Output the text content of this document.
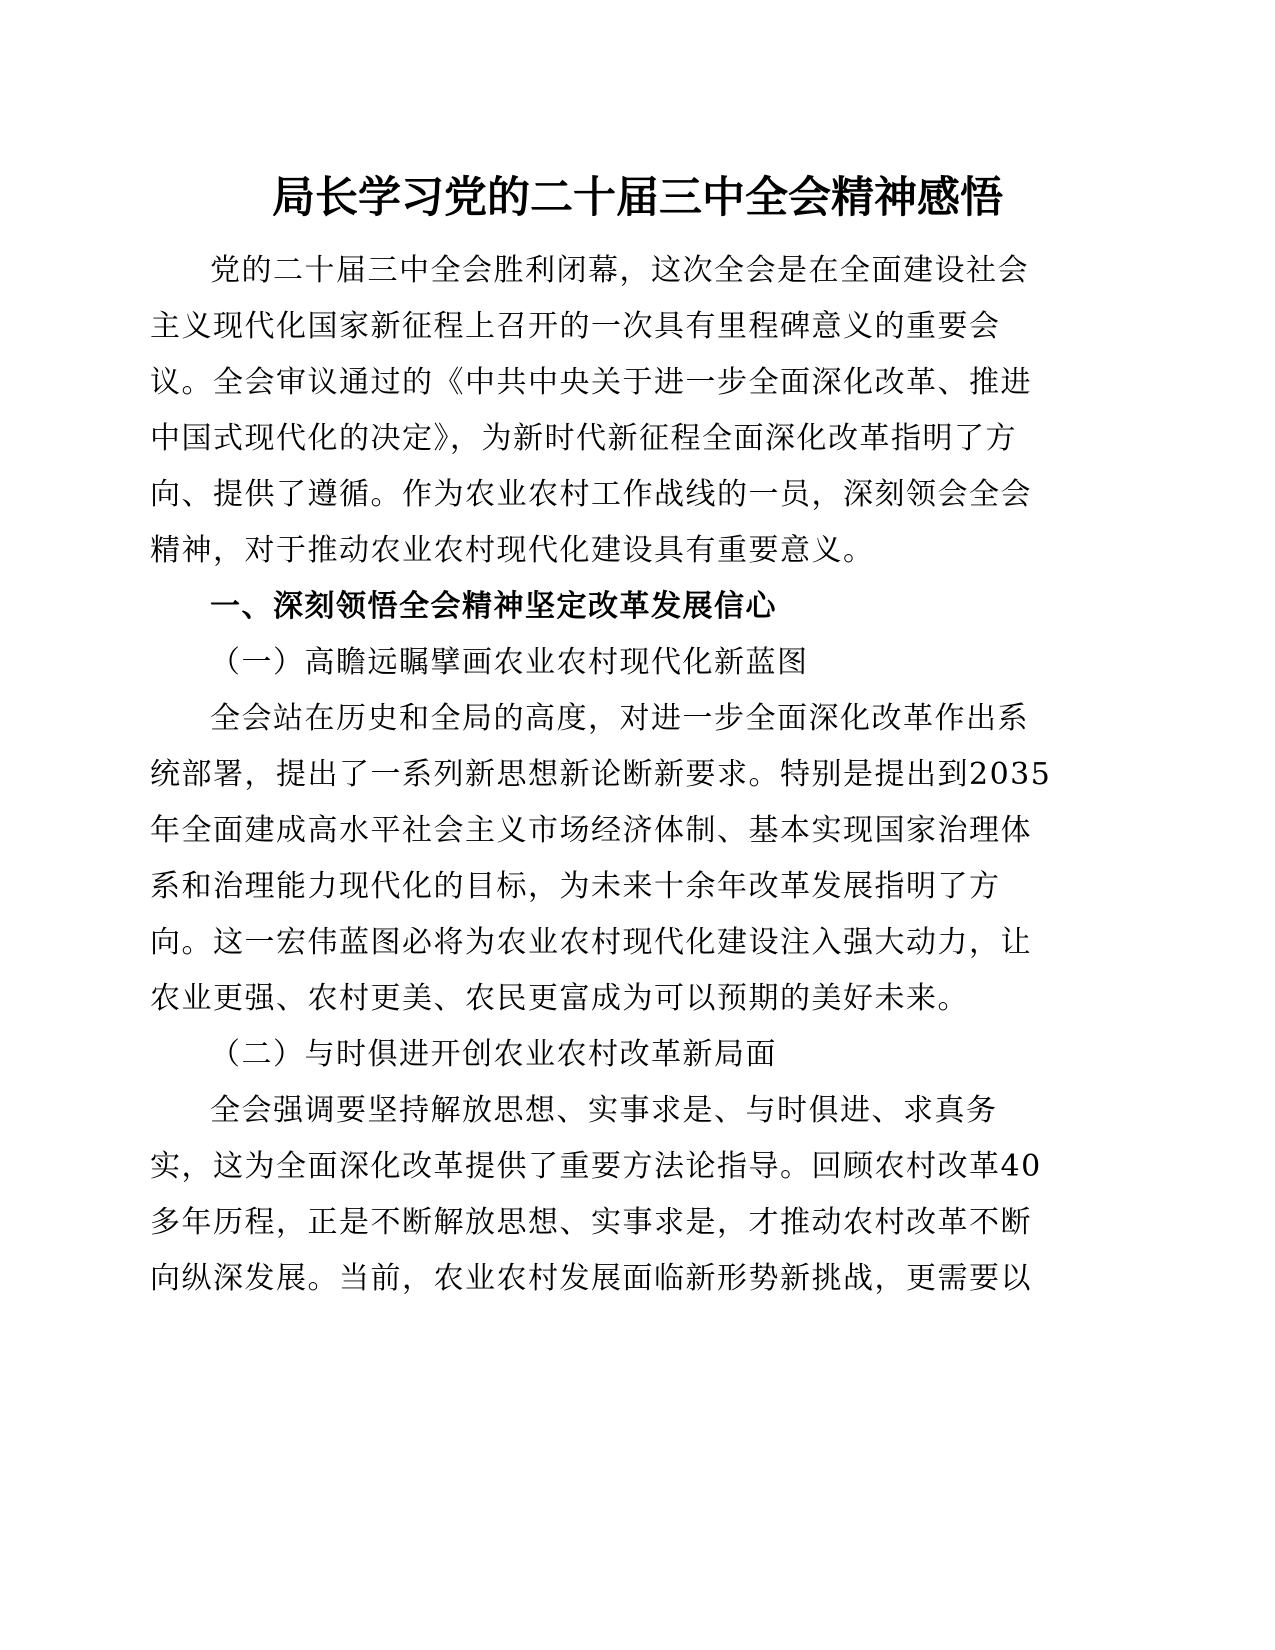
局长学习党的二十届三中全会精神感悟

党的二十届三中全会胜利闭幕，这次全会是在全面建设社会

主义现代化国家新征程上召开的一次具有里程碑意义的重要会

议。全会审议通过的《中共中央关于进一步全面深化改革、推进

中国式现代化的决定》，为新时代新征程全面深化改革指明了方

向、提供了遵循。作为农业农村工作战线的一员，深刻领会全会

精神，对于推动农业农村现代化建设具有重要意义。

一、深刻领悟全会精神坚定改革发展信心

（一）高瞻远瞩擘画农业农村现代化新蓝图

全会站在历史和全局的高度，对进一步全面深化改革作出系

统部署，提出了一系列新思想新论断新要求。特别是提出到2035

年全面建成高水平社会主义市场经济体制、基本实现国家治理体

系和治理能力现代化的目标，为未来十余年改革发展指明了方

向。这一宏伟蓝图必将为农业农村现代化建设注入强大动力，让

农业更强、农村更美、农民更富成为可以预期的美好未来。

（二）与时俱进开创农业农村改革新局面

全会强调要坚持解放思想、实事求是、与时俱进、求真务

实，这为全面深化改革提供了重要方法论指导。回顾农村改革40

多年历程，正是不断解放思想、实事求是，才推动农村改革不断

向纵深发展。当前，农业农村发展面临新形势新挑战，更需要以
